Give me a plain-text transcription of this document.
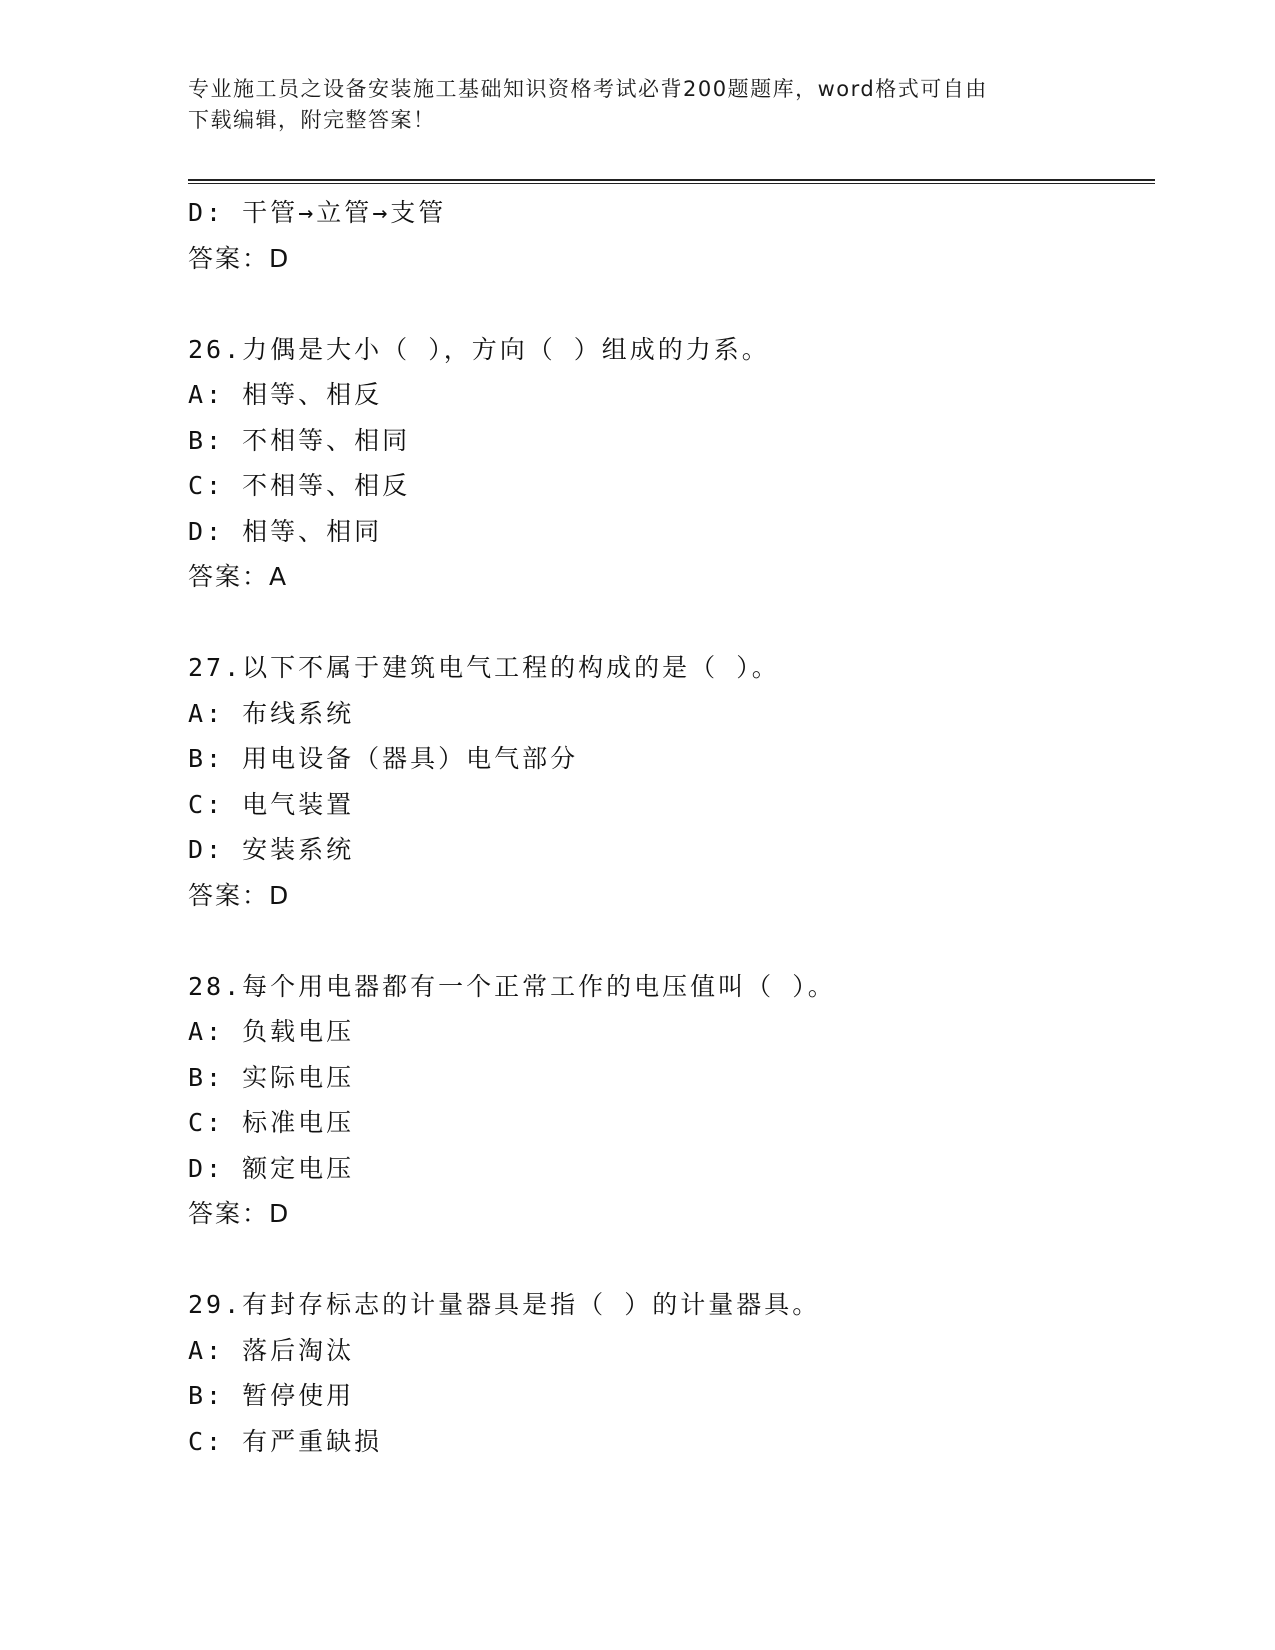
专业施工员之设备安装施工基础知识资格考试必背200题题库，word格式可自由
下载编辑，附完整答案！
D: 干管→立管→支管
答案：D
26.力偶是大小（ ），方向（ ）组成的力系。
A: 相等、相反
B: 不相等、相同
C: 不相等、相反
D: 相等、相同
答案：A
27.以下不属于建筑电气工程的构成的是（ ）。
A: 布线系统
B: 用电设备（器具）电气部分
C: 电气装置
D: 安装系统
答案：D
28.每个用电器都有一个正常工作的电压值叫（ ）。
A: 负载电压
B: 实际电压
C: 标准电压
D: 额定电压
答案：D
29.有封存标志的计量器具是指（ ）的计量器具。
A: 落后淘汰
B: 暂停使用
C: 有严重缺损
